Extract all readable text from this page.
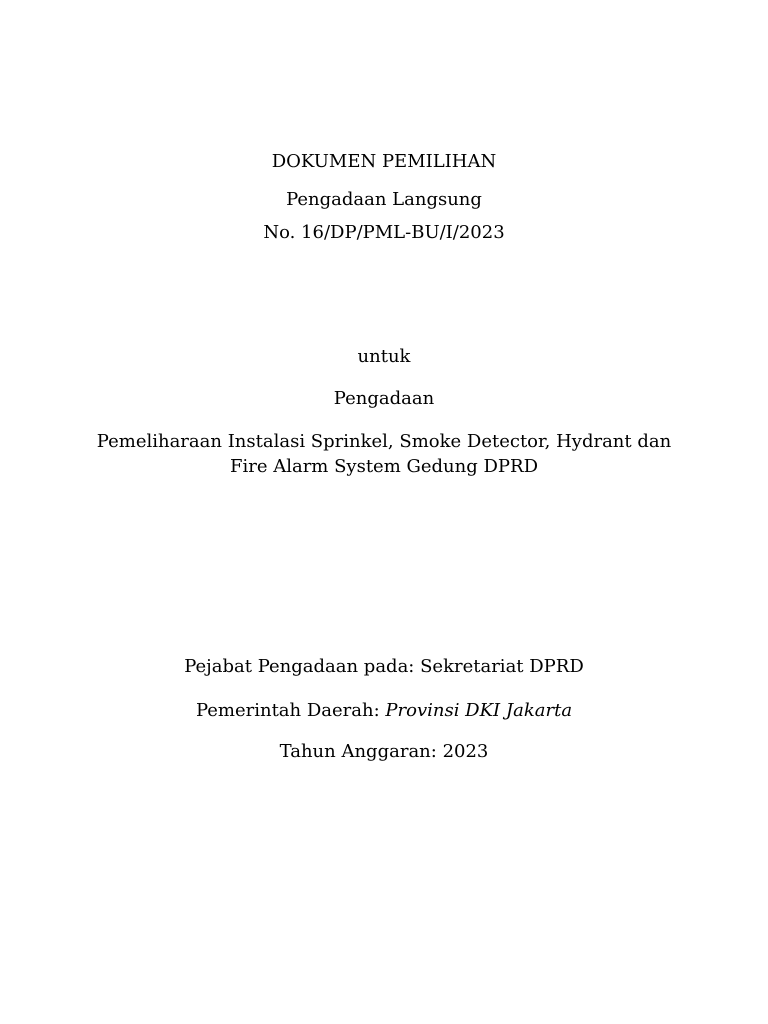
DOKUMEN PEMILIHAN
Pengadaan Langsung
No. 16/DP/PML-BU/I/2023
untuk
Pengadaan
Pemeliharaan Instalasi Sprinkel, Smoke Detector, Hydrant dan
Fire Alarm System Gedung DPRD
Pejabat Pengadaan pada: Sekretariat DPRD
Pemerintah Daerah: Provinsi DKI Jakarta
Tahun Anggaran: 2023
